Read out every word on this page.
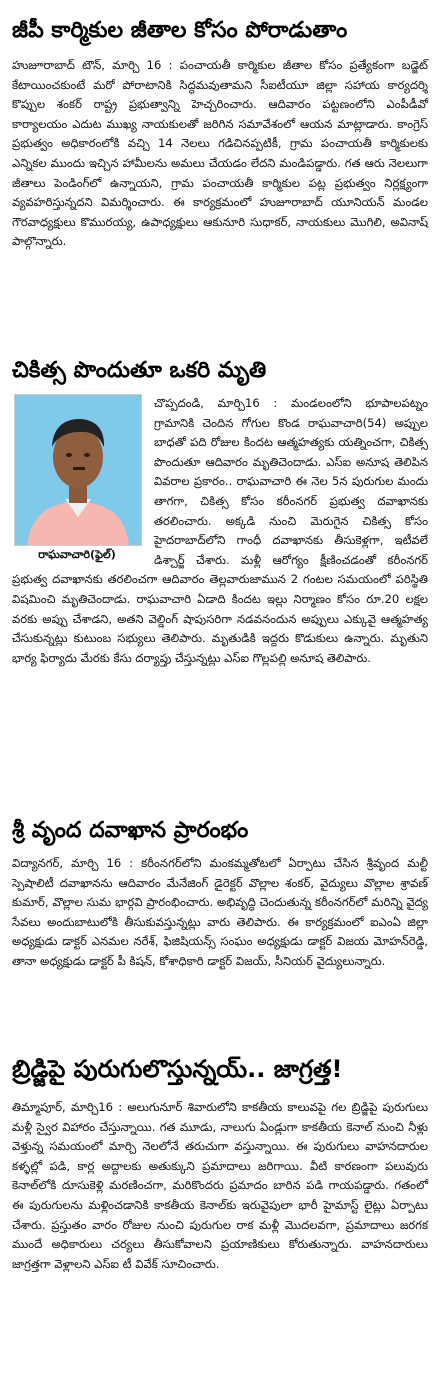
జీపీ కార్మికుల జీతాల కోసం పోరాడుతాం

హుజూరాబాద్ టౌన్, మార్చి 16 : పంచాయతీ కార్మికుల జీతాల కోసం ప్రత్యేకంగా బడ్జెట్ కేటాయించకుంటే మరో పోరాటానికి సిద్ధమవుతామని సీఐటీయూ జిల్లా సహాయ కార్యదర్శి కొప్పుల శంకర్ రాష్ట్ర ప్రభుత్వాన్ని హెచ్చరించారు. ఆదివారం పట్టణంలోని ఎంపీడీవో కార్యాలయం ఎదుట ముఖ్య నాయకులతో జరిగిన సమావేశంలో ఆయన మాట్లాడారు. కాంగ్రెస్ ప్రభుత్వం అధికారంలోకి వచ్చి 14 నెలలు గడిచినప్పటికీ, గ్రామ పంచాయతీ కార్మికులకు ఎన్నికల ముందు ఇచ్చిన హామీలను అమలు చేయడం లేదని మండిపడ్డారు. గత ఆరు నెలలుగా జీతాలు పెండింగ్‌లో ఉన్నాయని, గ్రామ పంచాయతీ కార్మికుల పట్ల ప్రభుత్వం నిర్లక్ష్యంగా వ్యవహరిస్తున్నదని విమర్శించారు. ఈ కార్యక్రమంలో హుజూరాబాద్ యూనియన్ మండల గౌరవాధ్యక్షులు కొమురయ్య, ఉపాధ్యక్షులు ఆకునూరి సుధాకర్, నాయకులు మొగిలి, అవినాష్ పాల్గొన్నారు.

చికిత్స పొందుతూ ఒకరి మృతి
రాఘవాచారి(ఫైల్)

చొప్పదండి, మార్చి16 : మండలంలోని భూపాలపట్నం గ్రామానికి చెందిన గోగుల కొండ రాఘవాచారి(54) అప్పుల బాధతో పది రోజుల కిందట ఆత్మహత్యకు యత్నించగా, చికిత్స పొందుతూ ఆదివారం మృతిచెందాడు. ఎస్ఐ అనూష తెలిపిన వివరాల ప్రకారం.. రాఘవాచారి ఈ నెల 5న పురుగుల మందు తాగగా, చికిత్స కోసం కరీంనగర్ ప్రభుత్వ దవాఖానకు తరలించారు. అక్కడి నుంచి మెరుగైన చికిత్స కోసం హైదరాబాద్‌లోని గాంధీ దవాఖానకు తీసుకెళ్లగా, ఇటీవలే డిశ్చార్జ్ చేశారు. మళ్లీ ఆరోగ్యం క్షీణించడంతో కరీంనగర్ ప్రభుత్వ దవాఖానకు తరలించగా ఆదివారం తెల్లవారుజామున 2 గంటల సమయంలో పరిస్థితి విషమించి మృతిచెందాడు. రాఘవాచారి ఏడాది కిందట ఇల్లు నిర్మాణం కోసం రూ.20 లక్షల వరకు అప్పు చేశాడని, అతని వెల్డింగ్ షాపుసరిగా నడవనందున అప్పులు ఎక్కువై ఆత్మహత్య చేసుకున్నట్లు కుటుంబ సభ్యులు తెలిపారు. మృతుడికి ఇద్దరు కొడుకులు ఉన్నారు. మృతుని భార్య ఫిర్యాదు మేరకు కేసు దర్యాప్తు చేస్తున్నట్లు ఎస్ఐ గొల్లపల్లి అనూష తెలిపారు.

శ్రీ వృంద దవాఖాన ప్రారంభం

విద్యానగర్, మార్చి 16 : కరీంనగర్‌లోని మంకమ్మతోటలో ఏర్పాటు చేసిన శ్రీవృంద మల్టీ స్పెషాలిటీ దవాఖానను ఆదివారం మేనేజింగ్ డైరెక్టర్ వొల్లాల శంకర్, వైద్యులు వొల్లాల శ్రావణ్ కుమార్, వొల్లాల సుమ భార్గవి ప్రారంభించారు. అభివృద్ధి చెందుతున్న కరీంనగర్‌లో మరిన్ని వైద్య సేవలు అందుబాటులోకి తీసుకువస్తున్నట్లు వారు తెలిపారు. ఈ కార్యక్రమంలో ఐఎంఏ జిల్లా అధ్యక్షుడు డాక్టర్ ఎనమల నరేశ్, ఫిజిషియన్స్ సంఘం అధ్యక్షుడు డాక్టర్ విజయ మోహన్‌రెడ్డి, తానా అధ్యక్షుడు డాక్టర్ పీ కిషన్, కోశాధికారి డాక్టర్ విజయ్, సీనియర్ వైద్యులున్నారు.

బ్రిడ్జిపై పురుగులొస్తున్నయ్.. జాగ్రత్త!

తిమ్మాపూర్, మార్చి16 : అలుగునూర్ శివారులోని కాకతీయ కాలువపై గల బ్రిడ్జిపై పురుగులు మళ్లీ స్వైర విహారం చేస్తున్నాయి. గత మూడు, నాలుగు ఏండ్లుగా కాకతీయ కెనాల్ నుంచి నీళ్లు వెళ్తున్న సమయంలో మార్చి నెలలోనే తరుచుగా వస్తున్నాయి. ఈ పురుగులు వాహనదారుల కళ్ళల్లో పడి, కార్ల అద్దాలకు అతుక్కుని ప్రమాదాలు జరిగాయి. వీటి కారణంగా పలువురు కెనాల్‌లోకి దూసుకెళ్లి మరణించగా, మరికొందరు ప్రమాదం బారిన పడి గాయపడ్డారు. గతంలో ఈ పురుగులను మళ్లించడానికి కాకతీయ కెనాల్‌కు ఇరువైపులా భారీ హైమాస్ట్ లైట్లు ఏర్పాటు చేశారు. ప్రస్తుతం వారం రోజుల నుంచి పురుగుల రాక మళ్లీ మొదలవగా, ప్రమాదాలు జరగక ముందే అధికారులు చర్యలు తీసుకోవాలని ప్రయాణికులు కోరుతున్నారు. వాహనదారులు జాగ్రత్తగా వెళ్లాలని ఎస్ఐ టీ వివేక్ సూచించారు.
